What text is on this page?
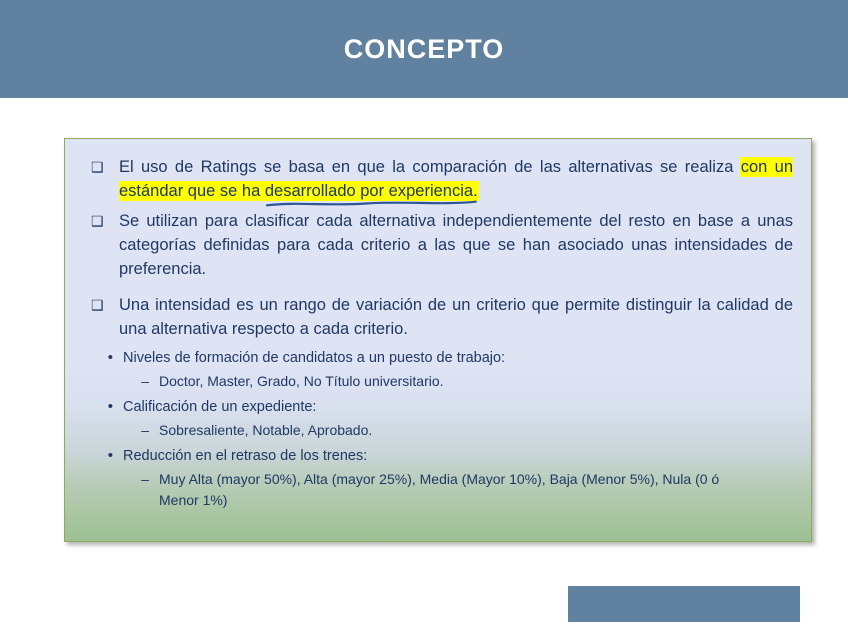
CONCEPTO
❑ El uso de Ratings se basa en que la comparación de las alternativas se realiza con un estándar que se ha desarrollado por experiencia.
❑ Se utilizan para clasificar cada alternativa independientemente del resto en base a unas categorías definidas para cada criterio a las que se han asociado unas intensidades de preferencia.
❑ Una intensidad es un rango de variación de un criterio que permite distinguir la calidad de una alternativa respecto a cada criterio.
• Niveles de formación de candidatos a un puesto de trabajo:
– Doctor, Master, Grado, No Título universitario.
• Calificación de un expediente:
– Sobresaliente, Notable, Aprobado.
• Reducción en el retraso de los trenes:
– Muy Alta (mayor 50%), Alta (mayor 25%), Media (Mayor 10%), Baja (Menor 5%), Nula (0 ó Menor 1%)
